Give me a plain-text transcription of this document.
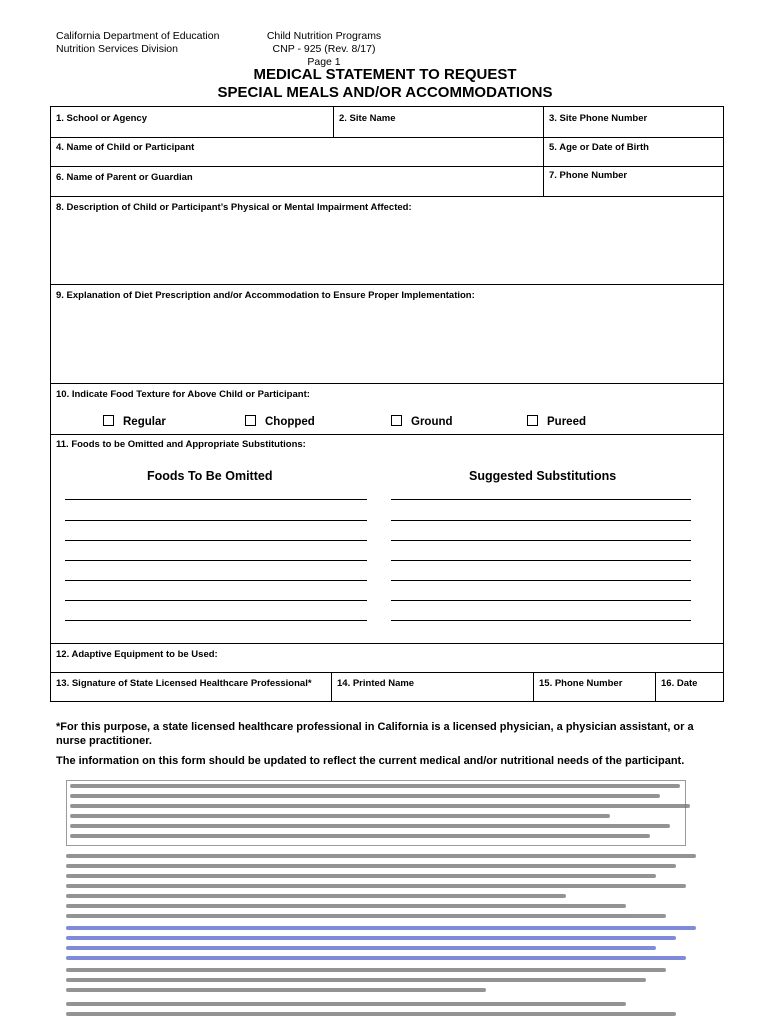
California Department of Education
Nutrition Services Division
Child Nutrition Programs
CNP - 925 (Rev. 8/17)
Page 1
MEDICAL STATEMENT TO REQUEST
SPECIAL MEALS AND/OR ACCOMMODATIONS
1. School or Agency	2. Site Name	3. Site Phone Number
4. Name of Child or Participant	5. Age or Date of Birth
6. Name of Parent or Guardian	7. Phone Number
8. Description of Child or Participant’s Physical or Mental Impairment Affected:
9. Explanation of Diet Prescription and/or Accommodation to Ensure Proper Implementation:
10. Indicate Food Texture for Above Child or Participant:
Regular	Chopped	Ground	Pureed
11. Foods to be Omitted and Appropriate Substitutions:
Foods To Be Omitted	Suggested Substitutions
12. Adaptive Equipment to be Used:
13. Signature of State Licensed Healthcare Professional*	14. Printed Name	15. Phone Number	16. Date
*For this purpose, a state licensed healthcare professional in California is a licensed physician, a physician assistant, or a nurse practitioner.
The information on this form should be updated to reflect the current medical and/or nutritional needs of the participant.
